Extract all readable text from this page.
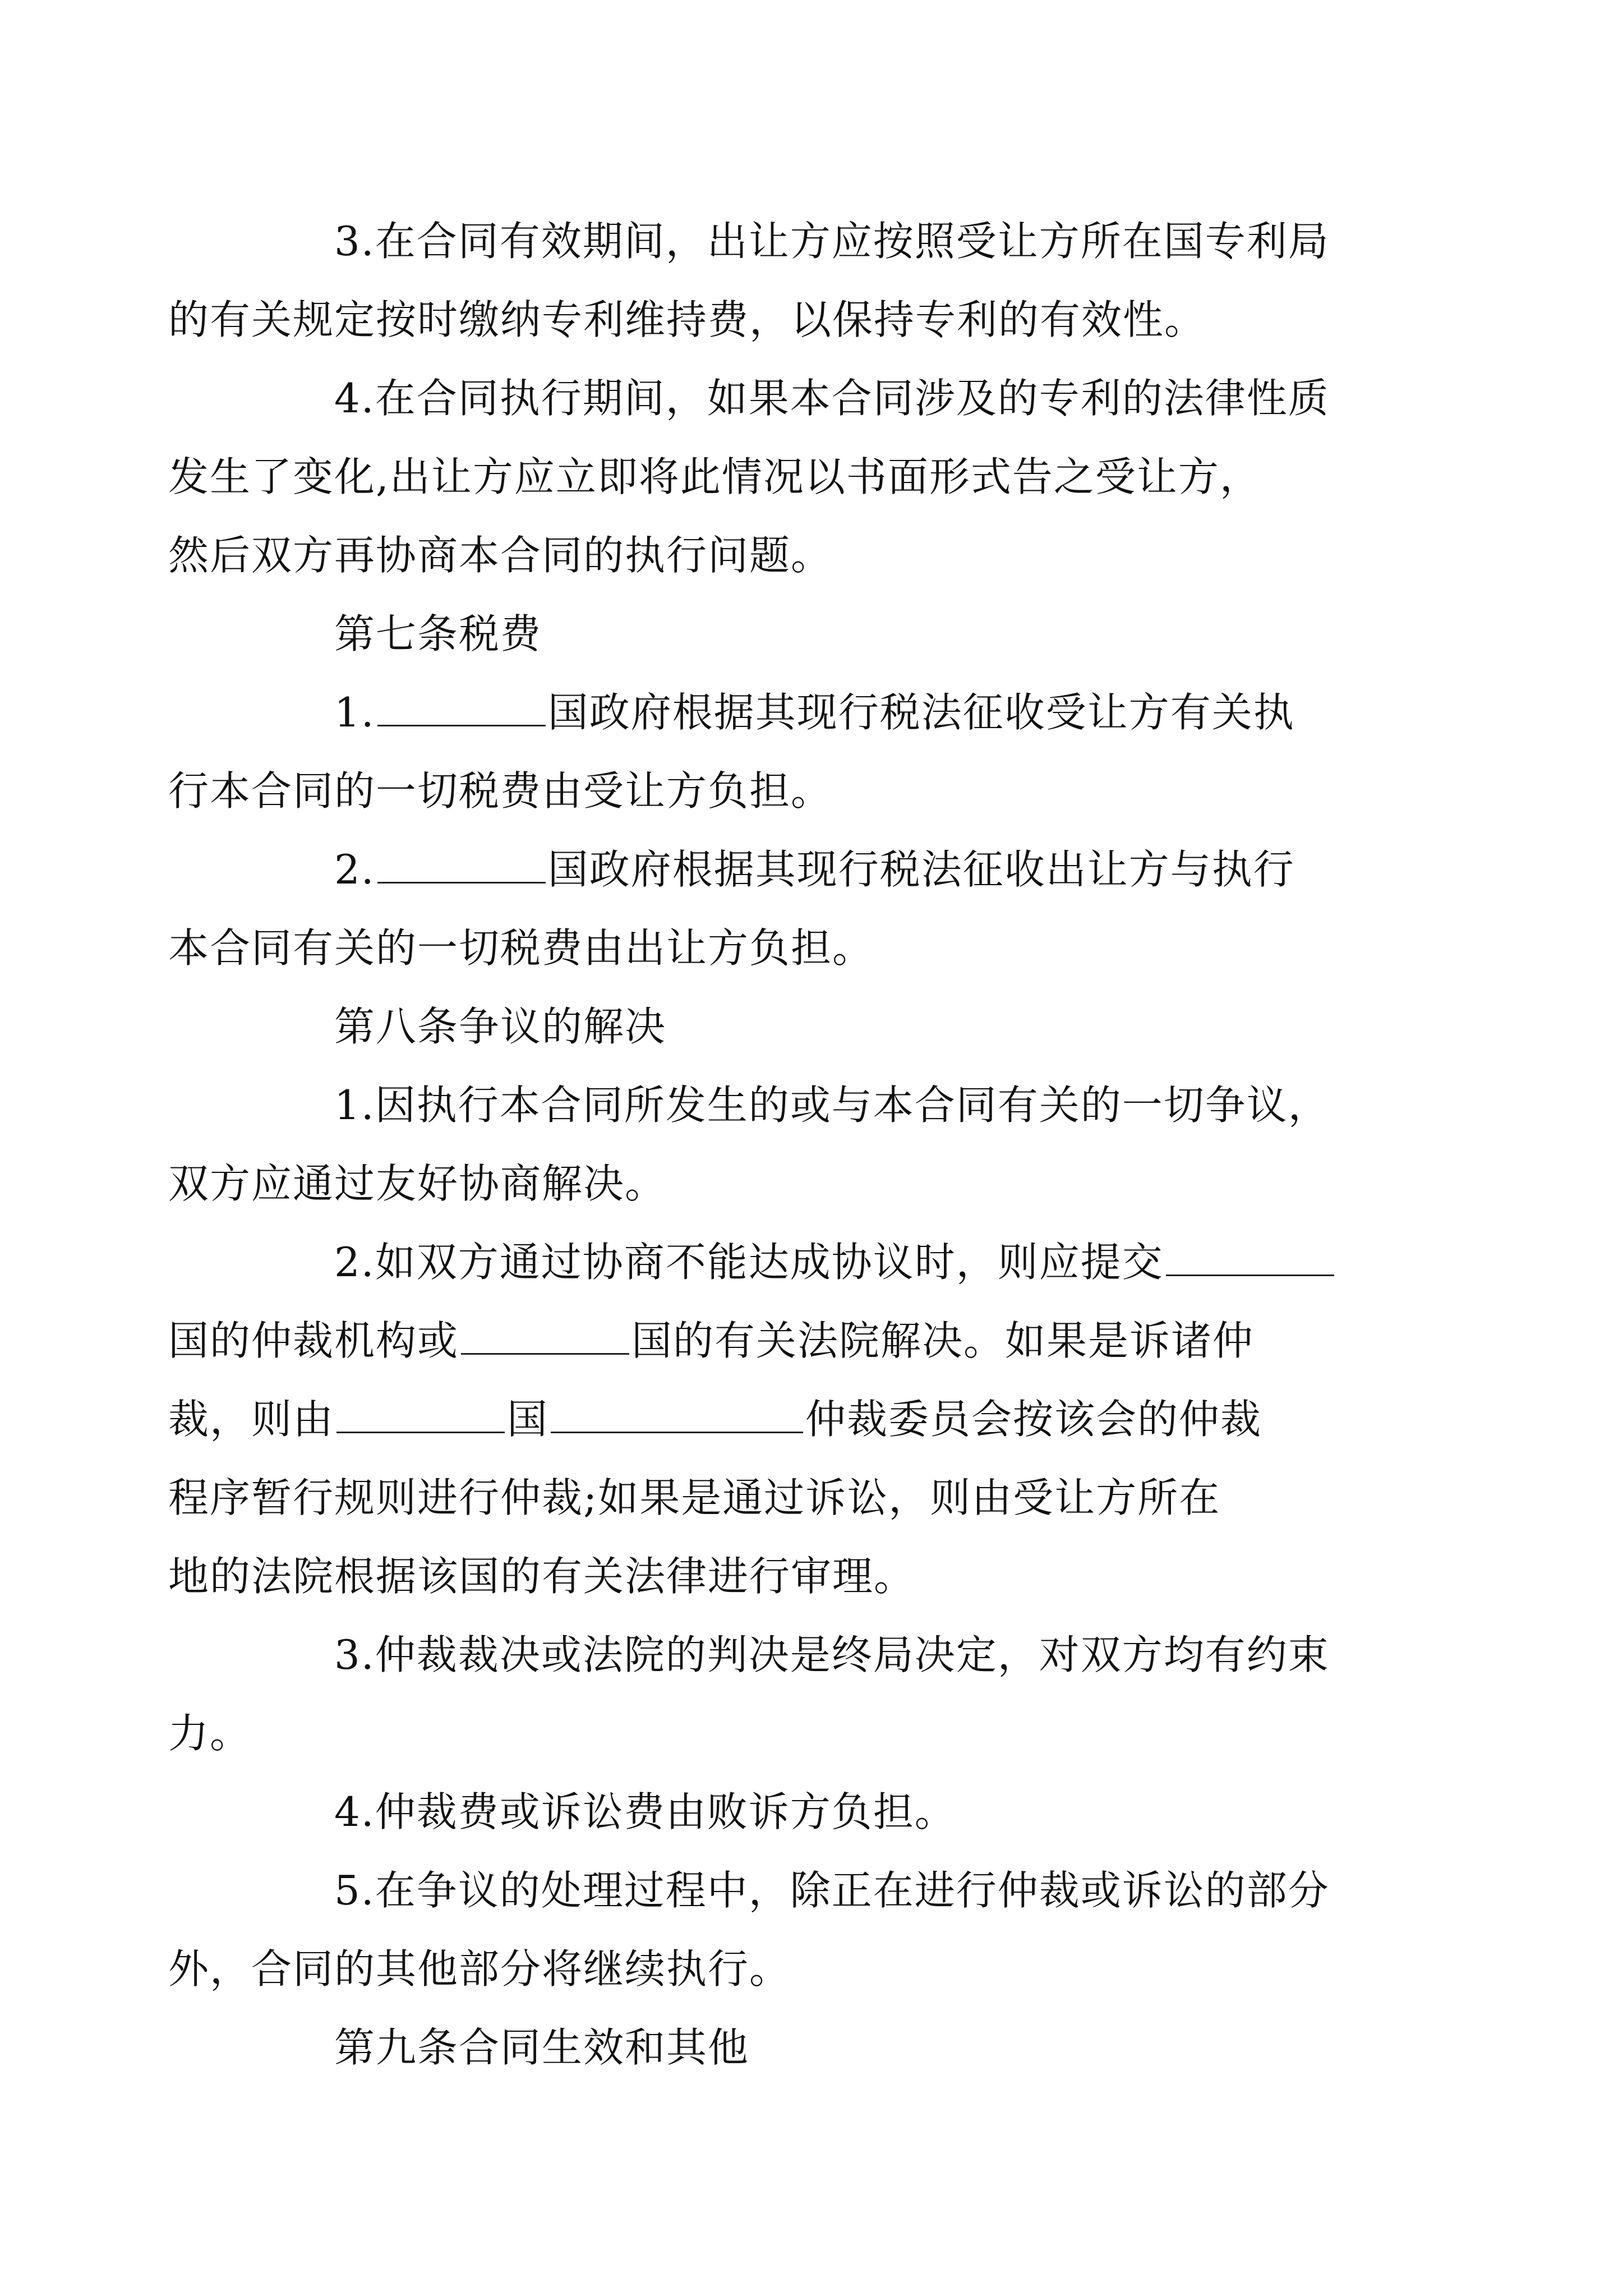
3.在合同有效期间，出让方应按照受让方所在国专利局
的有关规定按时缴纳专利维持费，以保持专利的有效性。

4.在合同执行期间，如果本合同涉及的专利的法律性质
发生了变化,出让方应立即将此情况以书面形式告之受让方，
然后双方再协商本合同的执行问题。

第七条税费

1.	国政府根据其现行税法征收受让方有关执
行本合同的一切税费由受让方负担。

2.	国政府根据其现行税法征收出让方与执行
本合同有关的一切税费由出让方负担。

第八条争议的解决

1.因执行本合同所发生的或与本合同有关的一切争议，
双方应通过友好协商解决。

2.如双方通过协商不能达成协议时，则应提交
国的仲裁机构或	国的有关法院解决。如果是诉诸仲
裁，则由	国	仲裁委员会按该会的仲裁
程序暂行规则进行仲裁;如果是通过诉讼，则由受让方所在
地的法院根据该国的有关法律进行审理。

3.仲裁裁决或法院的判决是终局决定，对双方均有约束
力。

4.仲裁费或诉讼费由败诉方负担。

5.在争议的处理过程中，除正在进行仲裁或诉讼的部分
外，合同的其他部分将继续执行。

第九条合同生效和其他
